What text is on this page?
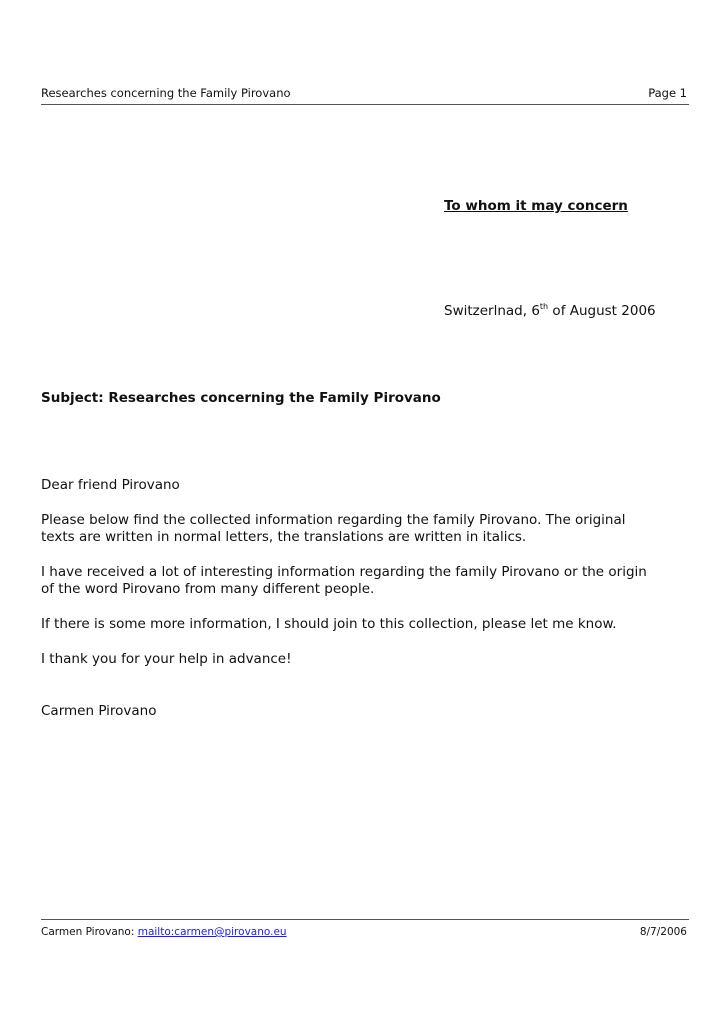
Researches concerning the Family Pirovano	Page 1
To whom it may concern
Switzerlnad, 6th of August 2006
Subject: Researches concerning the Family Pirovano

Dear friend Pirovano

Please below find the collected information regarding the family Pirovano. The original texts are written in normal letters, the translations are written in italics.

I have received a lot of interesting information regarding the family Pirovano or the origin of the word Pirovano from many different people.

If there is some more information, I should join to this collection, please let me know.

I thank you for your help in advance!

Carmen Pirovano

Carmen Pirovano: mailto:carmen@pirovano.eu	8/7/2006
